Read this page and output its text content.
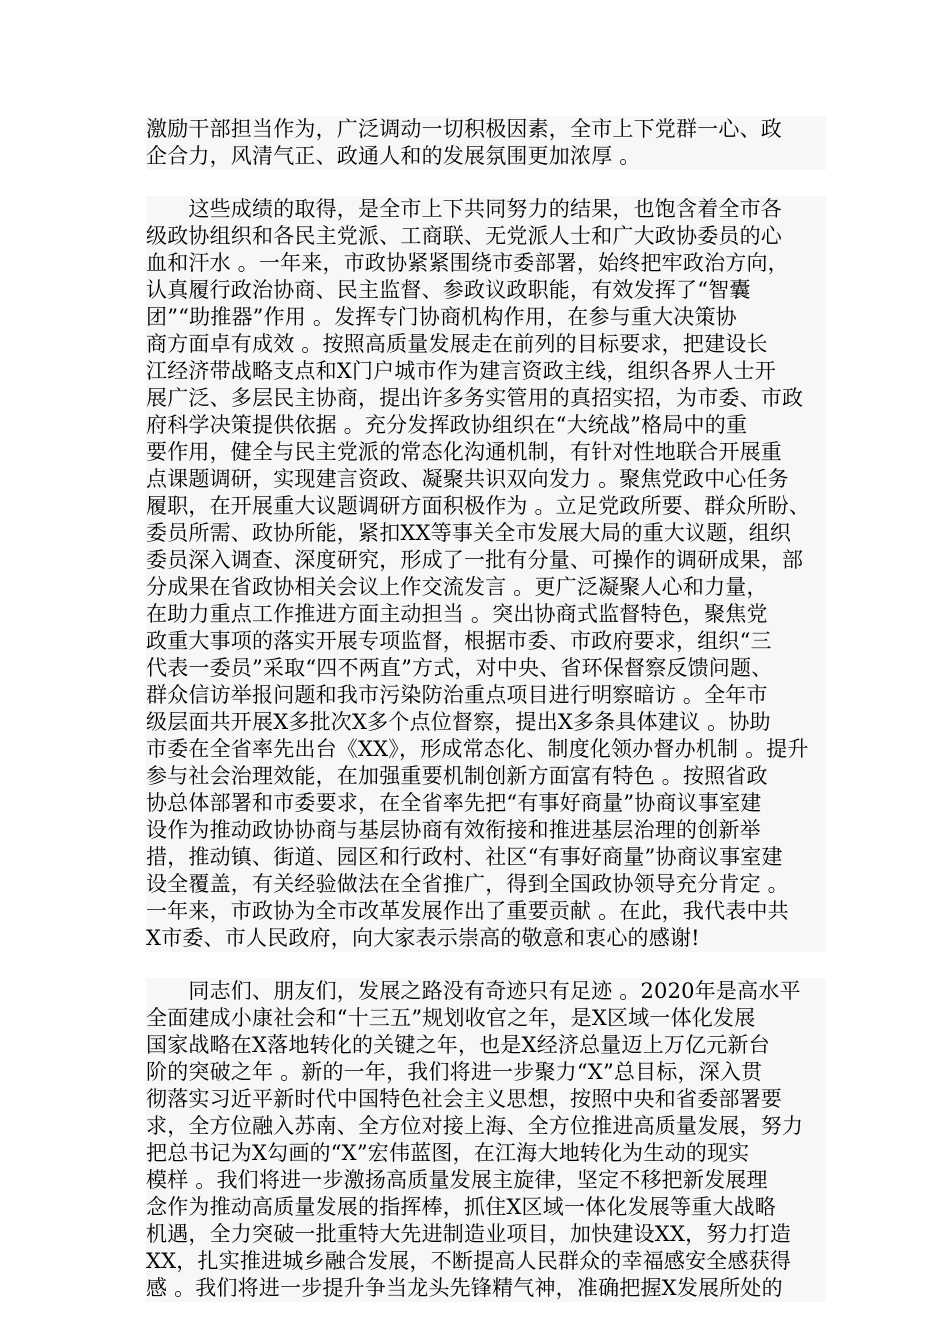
激励干部担当作为，广泛调动一切积极因素，全市上下党群一心、政
企合力，风清气正、政通人和的发展氛围更加浓厚 。
　　这些成绩的取得，是全市上下共同努力的结果，也饱含着全市各
级政协组织和各民主党派、工商联、无党派人士和广大政协委员的心
血和汗水 。一年来，市政协紧紧围绕市委部署，始终把牢政治方向，
认真履行政治协商、民主监督、参政议政职能，有效发挥了“智囊
团”“助推器”作用 。发挥专门协商机构作用，在参与重大决策协
商方面卓有成效 。按照高质量发展走在前列的目标要求，把建设长
江经济带战略支点和X门户城市作为建言资政主线，组织各界人士开
展广泛、多层民主协商，提出许多务实管用的真招实招，为市委、市政
府科学决策提供依据 。充分发挥政协组织在“大统战”格局中的重
要作用，健全与民主党派的常态化沟通机制，有针对性地联合开展重
点课题调研，实现建言资政、凝聚共识双向发力 。聚焦党政中心任务
履职，在开展重大议题调研方面积极作为 。立足党政所要、群众所盼、
委员所需、政协所能，紧扣XX等事关全市发展大局的重大议题，组织
委员深入调查、深度研究，形成了一批有分量、可操作的调研成果，部
分成果在省政协相关会议上作交流发言 。更广泛凝聚人心和力量，
在助力重点工作推进方面主动担当 。突出协商式监督特色，聚焦党
政重大事项的落实开展专项监督，根据市委、市政府要求，组织“三
代表一委员”采取“四不两直”方式，对中央、省环保督察反馈问题、
群众信访举报问题和我市污染防治重点项目进行明察暗访 。全年市
级层面共开展X多批次X多个点位督察，提出X多条具体建议 。协助
市委在全省率先出台《XX》，形成常态化、制度化领办督办机制 。提升
参与社会治理效能，在加强重要机制创新方面富有特色 。按照省政
协总体部署和市委要求，在全省率先把“有事好商量”协商议事室建
设作为推动政协协商与基层协商有效衔接和推进基层治理的创新举
措，推动镇、街道、园区和行政村、社区“有事好商量”协商议事室建
设全覆盖，有关经验做法在全省推广，得到全国政协领导充分肯定 。
一年来，市政协为全市改革发展作出了重要贡献 。在此，我代表中共
X市委、市人民政府，向大家表示崇高的敬意和衷心的感谢!
　　同志们、朋友们，发展之路没有奇迹只有足迹 。2020年是高水平
全面建成小康社会和“十三五”规划收官之年，是X区域一体化发展
国家战略在X落地转化的关键之年，也是X经济总量迈上万亿元新台
阶的突破之年 。新的一年，我们将进一步聚力“X”总目标，深入贯
彻落实习近平新时代中国特色社会主义思想，按照中央和省委部署要
求，全方位融入苏南、全方位对接上海、全方位推进高质量发展，努力
把总书记为X勾画的“X”宏伟蓝图，在江海大地转化为生动的现实
模样 。我们将进一步激扬高质量发展主旋律，坚定不移把新发展理
念作为推动高质量发展的指挥棒，抓住X区域一体化发展等重大战略
机遇，全力突破一批重特大先进制造业项目，加快建设XX，努力打造
XX，扎实推进城乡融合发展，不断提高人民群众的幸福感安全感获得
感 。我们将进一步提升争当龙头先锋精气神，准确把握X发展所处的
